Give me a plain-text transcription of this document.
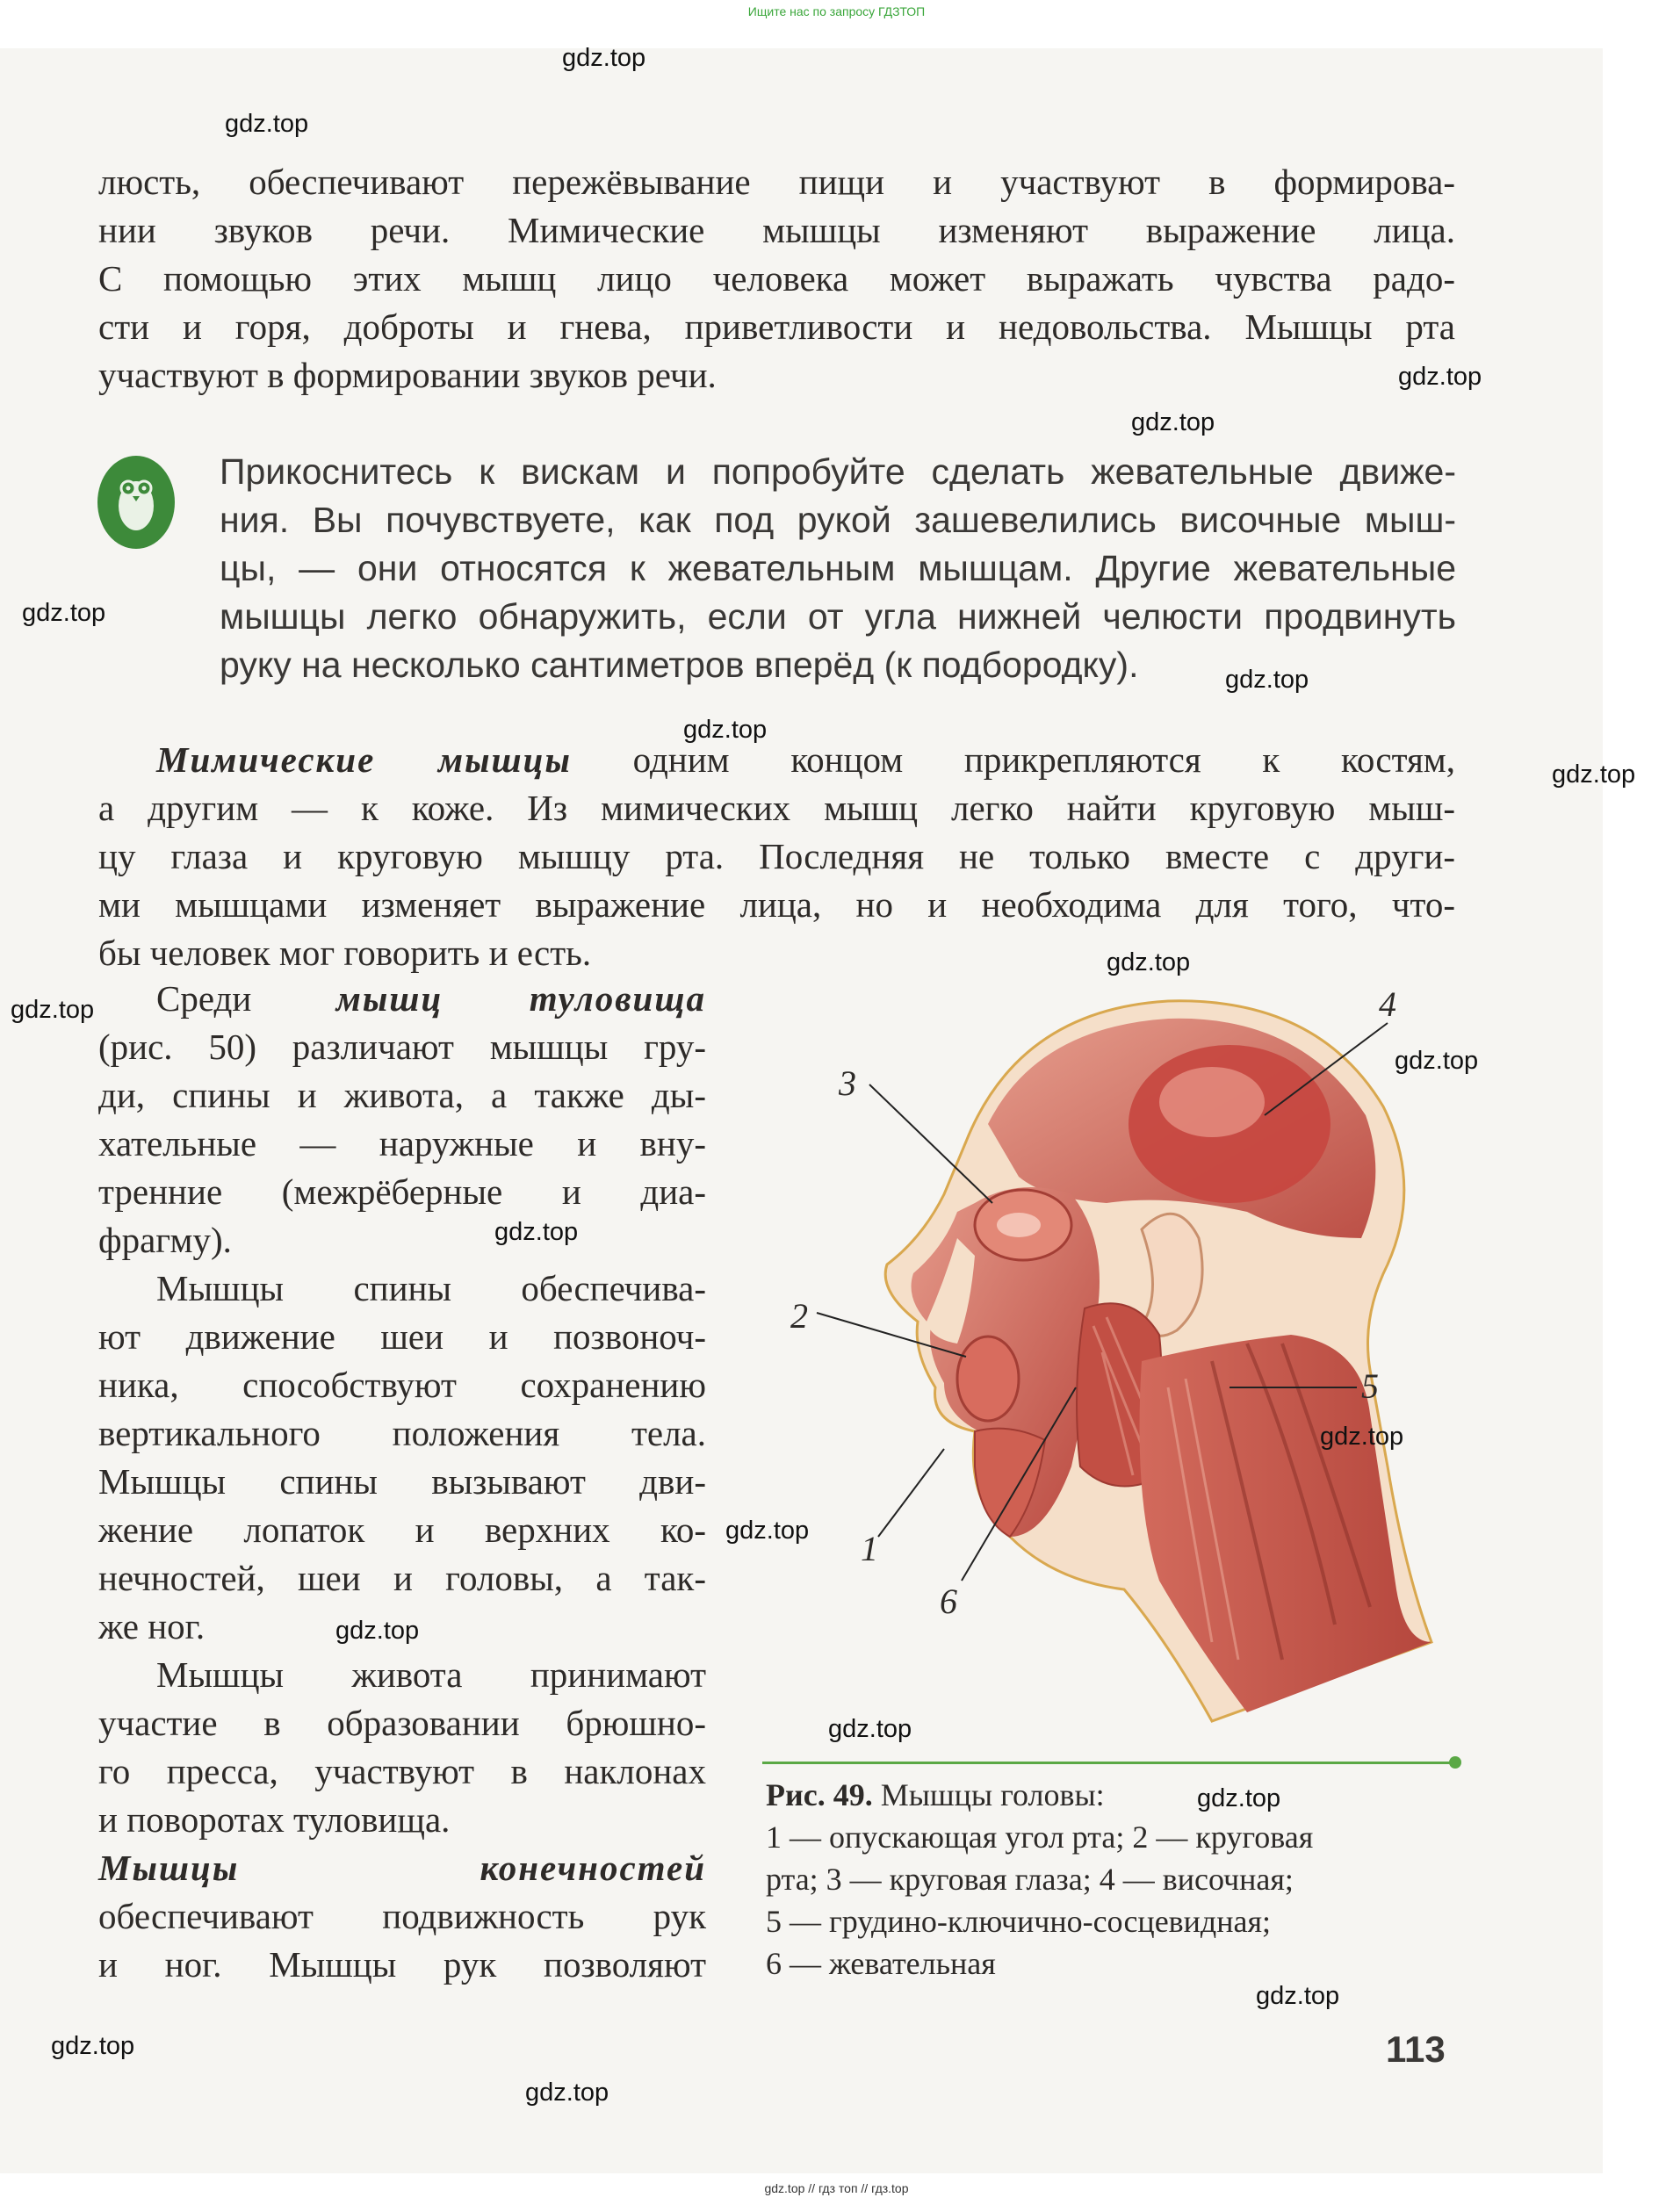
Ищите нас по запросу ГДЗТОП
люсть, обеспечивают пережёвывание пищи и участвуют в формирова-
нии звуков речи. Мимические мышцы изменяют выражение лица.
С помощью этих мышц лицо человека может выражать чувства радо-
сти и горя, доброты и гнева, приветливости и недовольства. Мышцы рта
участвуют в формировании звуков речи.
Прикоснитесь к вискам и попробуйте сделать жевательные движе-
ния. Вы почувствуете, как под рукой зашевелились височные мыш-
цы, — они относятся к жевательным мышцам. Другие жевательные
мышцы легко обнаружить, если от угла нижней челюсти продвинуть
руку на несколько сантиметров вперёд (к подбородку).
Мимические мышцы одним концом прикрепляются к костям,
а другим — к коже. Из мимических мышц легко найти круговую мыш-
цу глаза и круговую мышцу рта. Последняя не только вместе с други-
ми мышцами изменяет выражение лица, но и необходима для того, что-
бы человек мог говорить и есть.
Среди мышц туловища
(рис. 50) различают мышцы гру-
ди, спины и живота, а также ды-
хательные — наружные и вну-
тренние (межрёберные и диа-
фрагму).
Мышцы спины обеспечива-
ют движение шеи и позвоноч-
ника, способствуют сохранению
вертикального положения тела.
Мышцы спины вызывают дви-
жение лопаток и верхних ко-
нечностей, шеи и головы, а так-
же ног.
Мышцы живота принимают
участие в образовании брюшно-
го пресса, участвуют в наклонах
и поворотах туловища.
Мышцы конечностей
обеспечивают подвижность рук
и ног. Мышцы рук позволяют
4
3
2
5
1
6
Рис. 49. Мышцы головы:
1 — опускающая угол рта; 2 — круговая
рта; 3 — круговая глаза; 4 — височная;
5 — грудино-ключично-сосцевидная;
6 — жевательная
113
gdz.top
gdz.top
gdz.top
gdz.top
gdz.top
gdz.top
gdz.top
gdz.top
gdz.top
gdz.top
gdz.top
gdz.top
gdz.top
gdz.top
gdz.top
gdz.top
gdz.top
gdz.top
gdz.top
gdz.top
gdz.top // гдз топ // гдз.top
